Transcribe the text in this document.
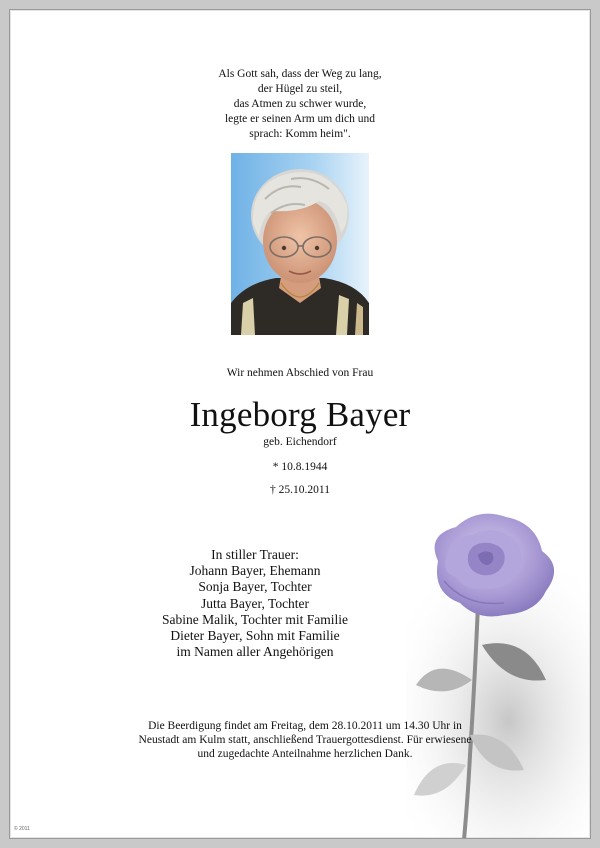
Als Gott sah, dass der Weg zu lang,
der Hügel zu steil,
das Atmen zu schwer wurde,
legte er seinen Arm um dich und
sprach: Komm heim".
Wir nehmen Abschied von Frau
Ingeborg Bayer
geb. Eichendorf
* 10.8.1944
† 25.10.2011
In stiller Trauer:
Johann Bayer, Ehemann
Sonja Bayer, Tochter
Jutta Bayer, Tochter
Sabine Malik, Tochter mit Familie
Dieter Bayer, Sohn mit Familie
im Namen aller Angehörigen
Die Beerdigung findet am Freitag, dem 28.10.2011 um 14.30 Uhr in
Neustadt am Kulm statt, anschließend Trauergottesdienst. Für erwiesene
und zugedachte Anteilnahme herzlichen Dank.
© 2011
